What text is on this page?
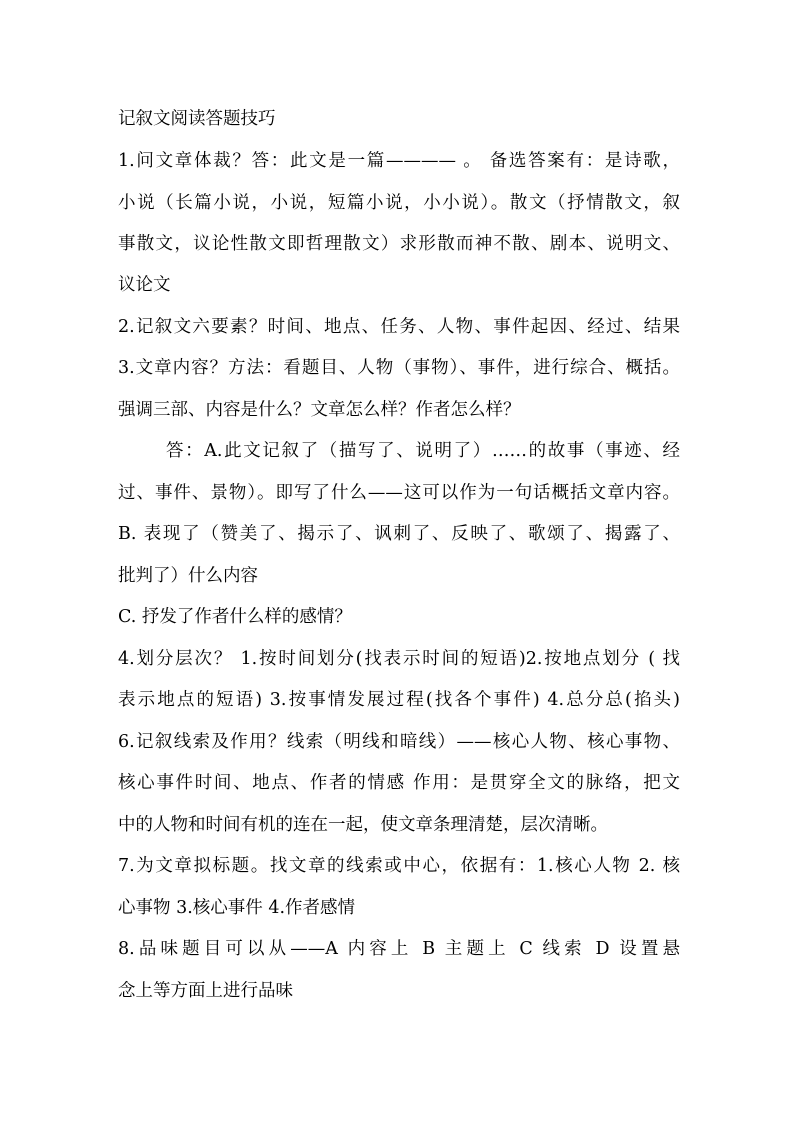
记叙文阅读答题技巧

1.问文章体裁？答：此文是一篇———— 。 备选答案有：是诗歌，

小说（长篇小说，小说，短篇小说，小小说）。散文（抒情散文，叙

事散文，议论性散文即哲理散文）求形散而神不散、剧本、说明文、

议论文

2.记叙文六要素？时间、地点、任务、人物、事件起因、经过、结果

3.文章内容？方法：看题目、人物（事物）、事件，进行综合、概括。

强调三部、内容是什么？文章怎么样？作者怎么样？

答：A.此文记叙了（描写了、说明了）……的故事（事迹、经

过、事件、景物）。即写了什么——这可以作为一句话概括文章内容。

B. 表现了（赞美了、揭示了、讽刺了、反映了、歌颂了、揭露了、

批判了）什么内容

C. 抒发了作者什么样的感情？

4.划分层次？ 1.按时间划分(找表示时间的短语)2.按地点划分 ( 找

表示地点的短语) 3.按事情发展过程(找各个事件) 4.总分总(掐头)

6.记叙线索及作用？线索（明线和暗线）——核心人物、核心事物、

核心事件时间、地点、作者的情感 作用：是贯穿全文的脉络，把文

中的人物和时间有机的连在一起，使文章条理清楚，层次清晰。

7.为文章拟标题。找文章的线索或中心，依据有：1.核心人物 2. 核

心事物 3.核心事件 4.作者感情

8.品味题目可以从——A 内容上 B 主题上 C 线索 D 设置悬

念上等方面上进行品味
